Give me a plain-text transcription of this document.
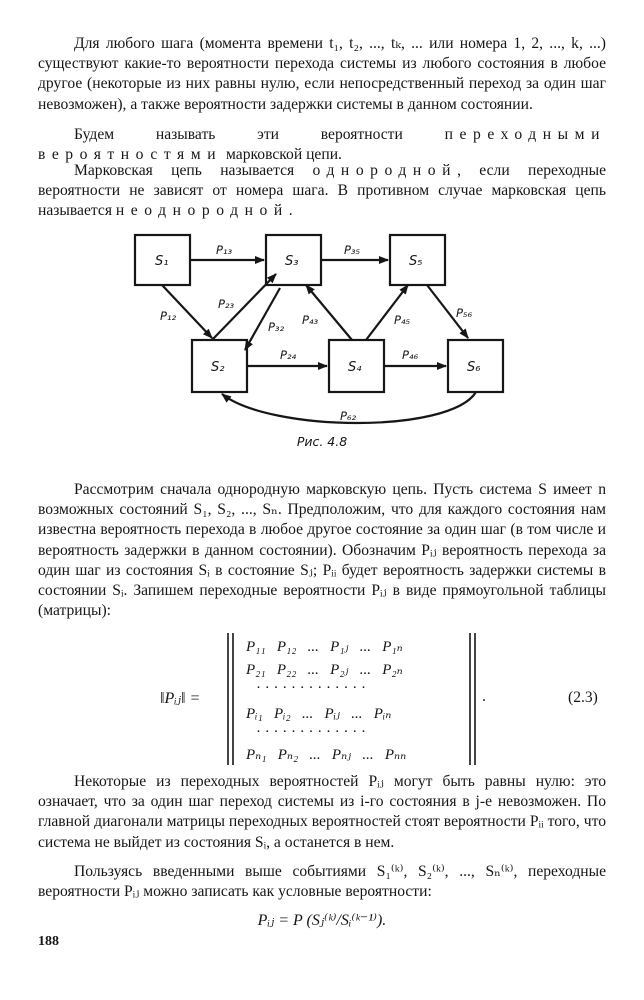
Для любого шага (момента времени t₁, t₂, ..., tₖ, ... или номера 1, 2, ..., k, ...) существуют какие-то вероятности перехода системы из любого состояния в любое другое (некоторые из них равны нулю, если непосредственный переход за один шаг невозможен), а также вероятности задержки системы в данном состоянии.

Будем называть эти вероятности переходными вероятностями марковской цепи.

Марковская цепь называется однородной, если переходные вероятности не зависят от номера шага. В противном случае марковская цепь называется неоднородной.

S₁	S₃	S₅
S₂	S₄	S₆
P₁₃	P₃₅
P₁₂
P₂₃
P₃₂ P₄₃	P₄₅	P₅₆
P₂₄	P₄₆
P₆₂
Рис. 4.8

Рассмотрим сначала однородную марковскую цепь. Пусть система S имеет n возможных состояний S₁, S₂, ..., Sₙ. Предположим, что для каждого состояния нам известна вероятность перехода в любое другое состояние за один шаг (в том числе и вероятность задержки в данном состоянии). Обозначим Pᵢⱼ вероятность перехода за один шаг из состояния Sᵢ в состояние Sⱼ; Pᵢᵢ будет вероятность задержки системы в состоянии Sᵢ. Запишем переходные вероятности Pᵢⱼ в виде прямоугольной таблицы (матрицы):

‖Pᵢⱼ‖ =
P₁₁   P₁₂   ...   P₁ⱼ   ...   P₁ₙ
P₂₁   P₂₂   ...   P₂ⱼ   ...   P₂ₙ
· · · · · · · · · · · · ·
Pᵢ₁   Pᵢ₂   ...   Pᵢⱼ   ...   Pᵢₙ
· · · · · · · · · · · · ·
Pₙ₁   Pₙ₂   ...   Pₙⱼ   ...   Pₙₙ
.	(2.3)

Некоторые из переходных вероятностей Pᵢⱼ могут быть равны нулю: это означает, что за один шаг переход системы из i-го состояния в j-е невозможен. По главной диагонали матрицы переходных вероятностей стоят вероятности Pᵢᵢ того, что система не выйдет из состояния Sᵢ, а останется в нем.

Пользуясь введенными выше событиями S₁⁽ᵏ⁾, S₂⁽ᵏ⁾, ..., Sₙ⁽ᵏ⁾, переходные вероятности Pᵢⱼ можно записать как условные вероятности:

Pᵢⱼ = P (Sⱼ⁽ᵏ⁾/Sᵢ⁽ᵏ⁻¹⁾).
188
